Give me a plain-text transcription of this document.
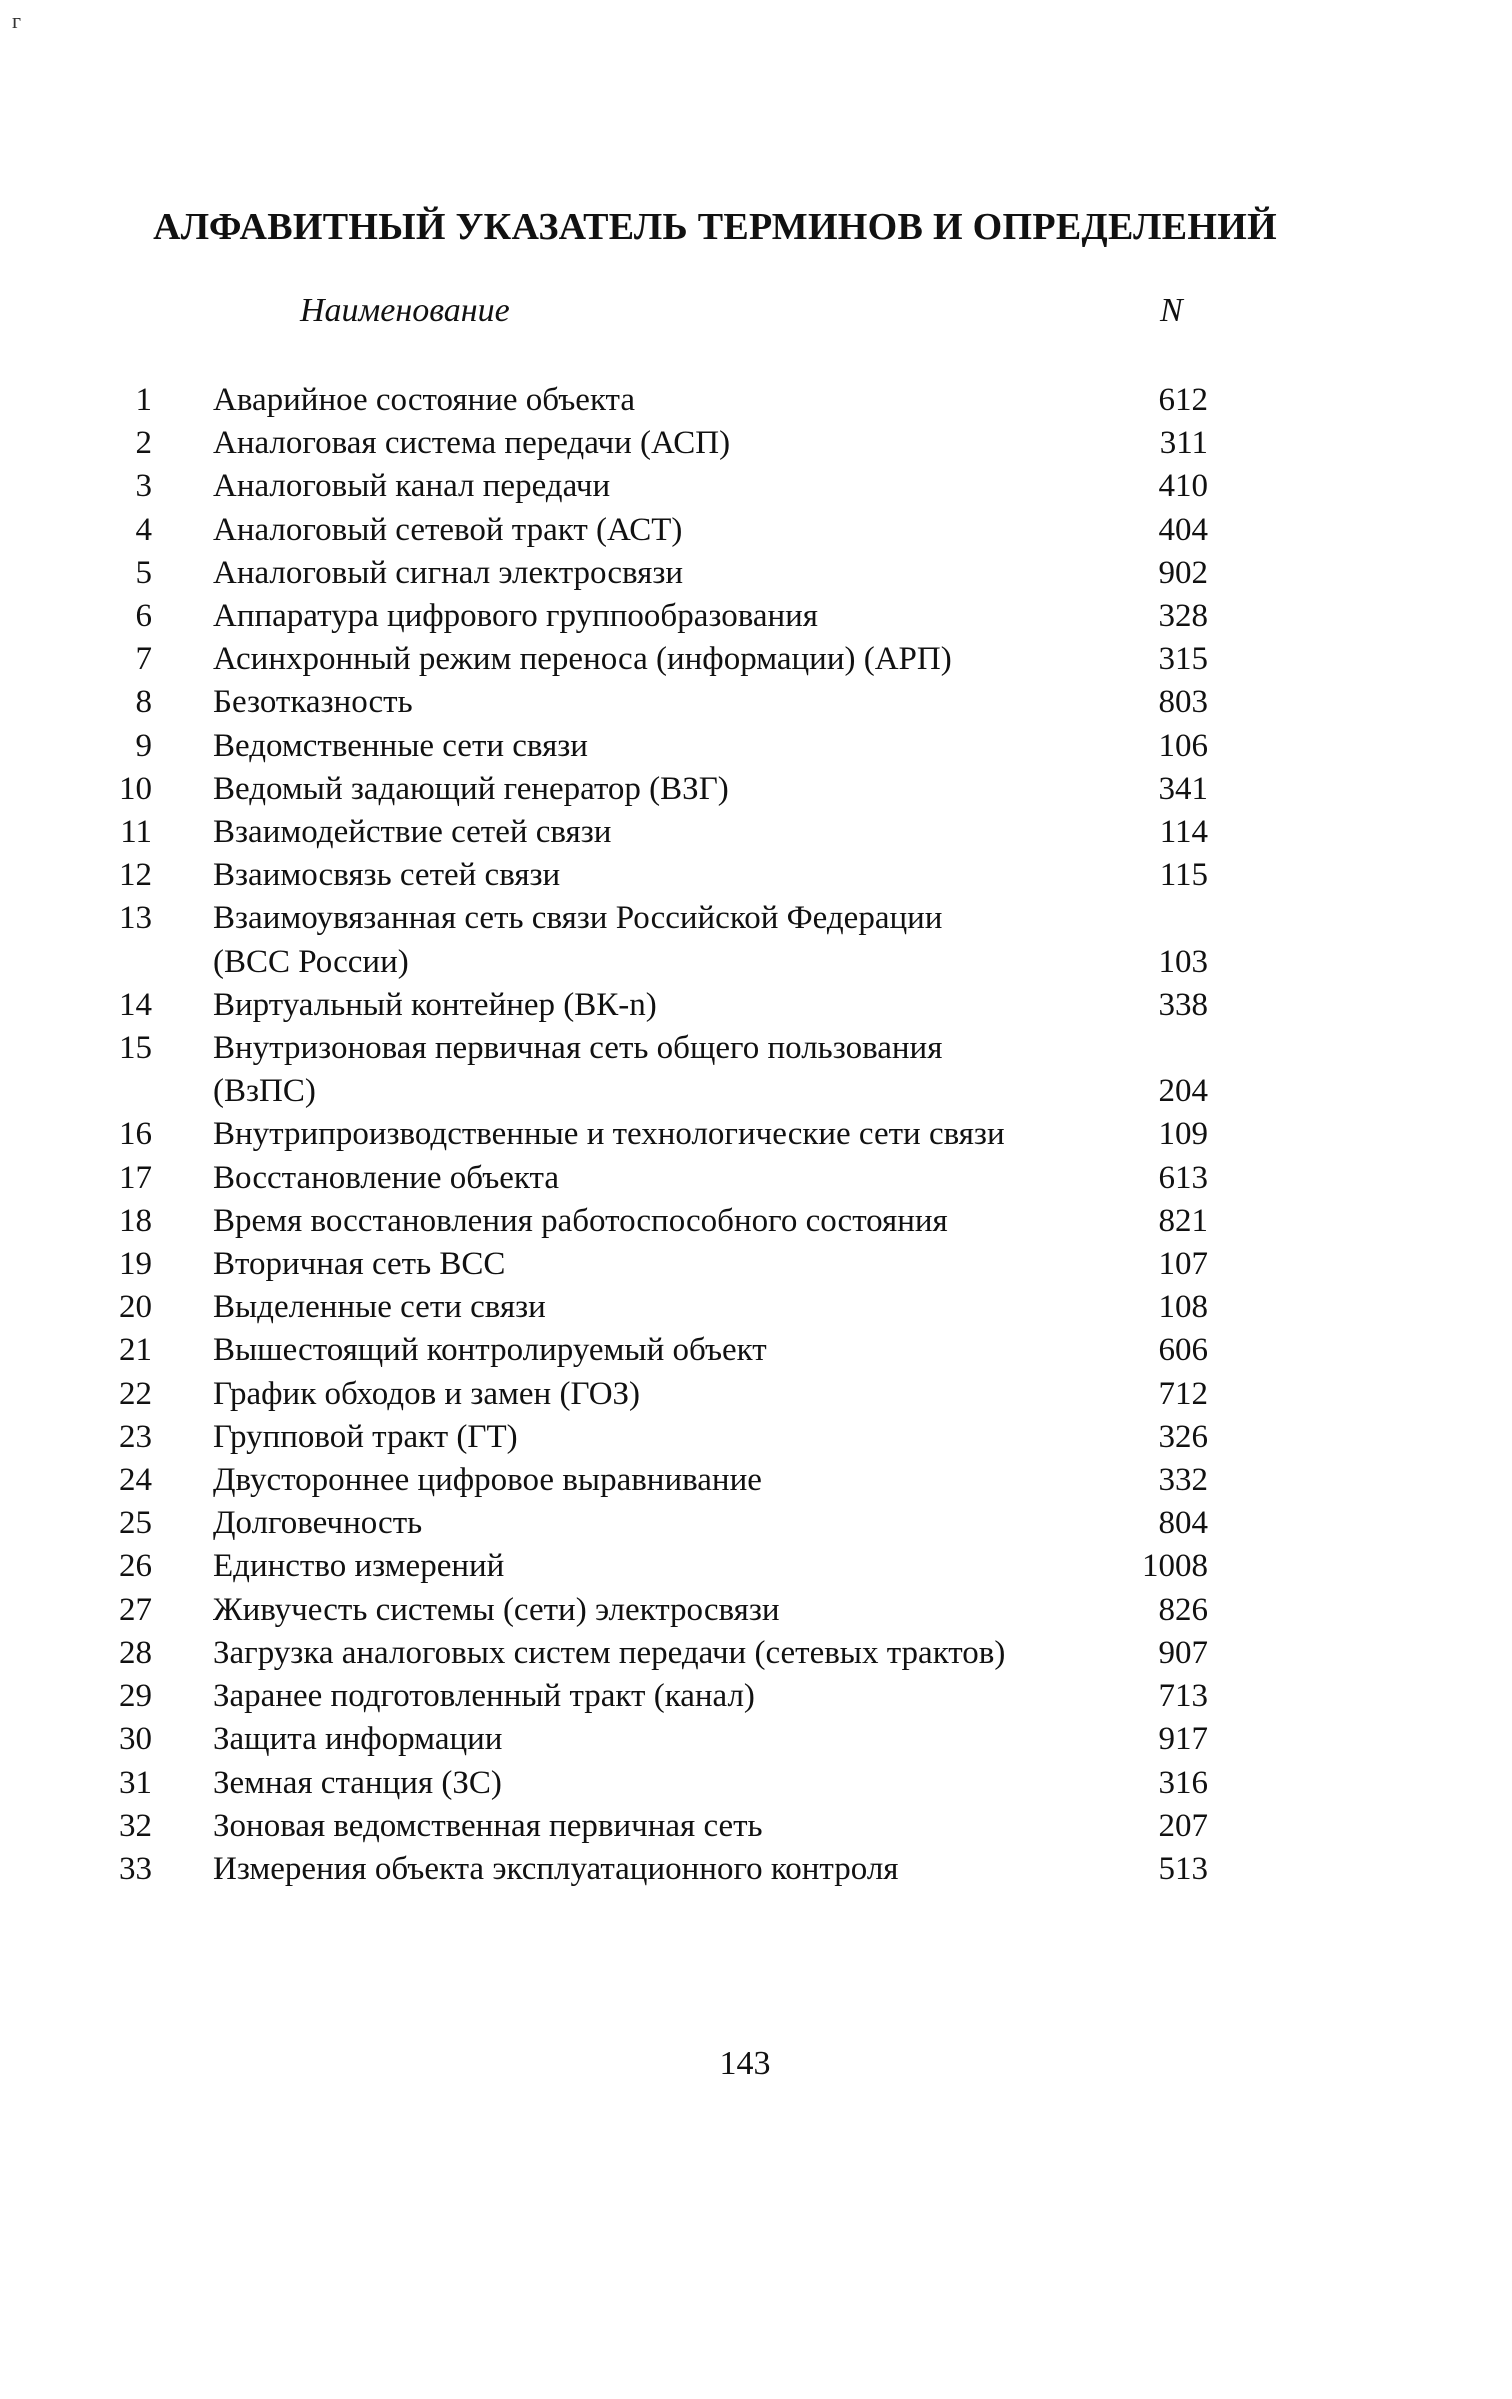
г
АЛФАВИТНЫЙ УКАЗАТЕЛЬ ТЕРМИНОВ И ОПРЕДЕЛЕНИЙ
Наименование	N
1 Аварийное состояние объекта	612
2 Аналоговая система передачи (АСП)	311
3 Аналоговый канал передачи	410
4 Аналоговый сетевой тракт (АСТ)	404
5 Аналоговый сигнал электросвязи	902
6 Аппаратура цифрового группообразования	328
7 Асинхронный режим переноса (информации) (АРП)	315
8 Безотказность	803
9 Ведомственные сети связи	106
10 Ведомый задающий генератор (ВЗГ)	341
11 Взаимодействие сетей связи	114
12 Взаимосвязь сетей связи	115
13 Взаимоувязанная сеть связи Российской Федерации
(ВСС России)	103
14 Виртуальный контейнер (ВК-n)	338
15 Внутризоновая первичная сеть общего пользования
(ВзПС)	204
16 Внутрипроизводственные и технологические сети связи	109
17 Восстановление объекта	613
18 Время восстановления работоспособного состояния	821
19 Вторичная сеть ВСС	107
20 Выделенные сети связи	108
21 Вышестоящий контролируемый объект	606
22 График обходов и замен (ГОЗ)	712
23 Групповой тракт (ГТ)	326
24 Двустороннее цифровое выравнивание	332
25 Долговечность	804
26 Единство измерений	1008
27 Живучесть системы (сети) электросвязи	826
28 Загрузка аналоговых систем передачи (сетевых трактов)	907
29 Заранее подготовленный тракт (канал)	713
30 Защита информации	917
31 Земная станция (ЗС)	316
32 Зоновая ведомственная первичная сеть	207
33 Измерения объекта эксплуатационного контроля	513
143
